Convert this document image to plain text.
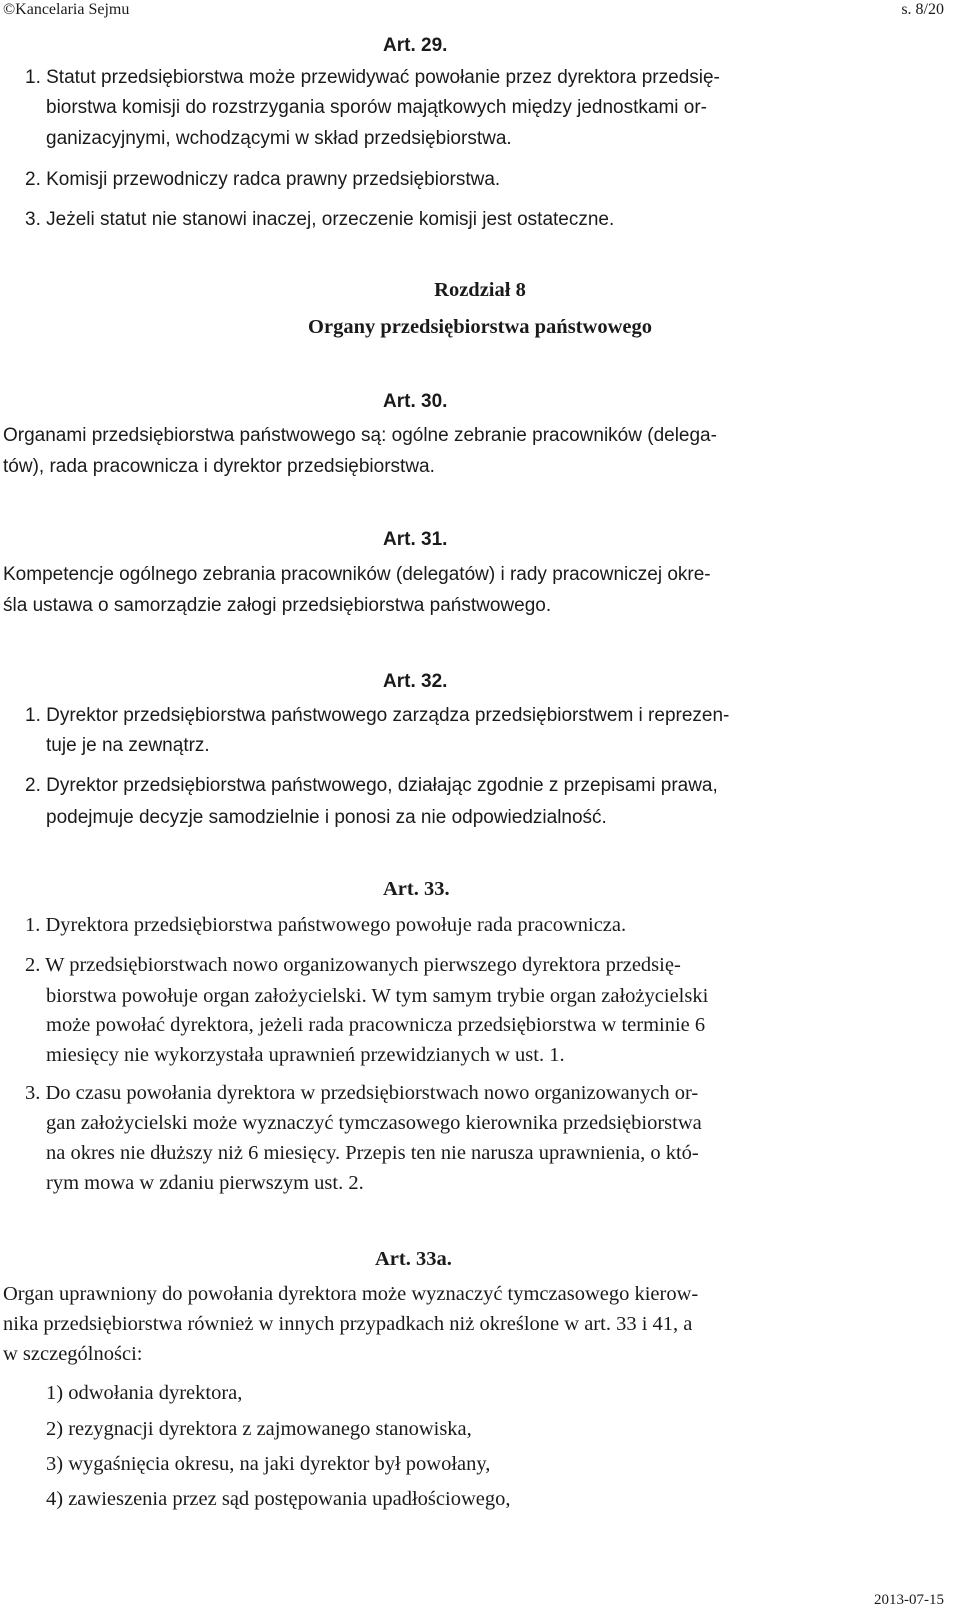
©Kancelaria Sejmu	s. 8/20
Art. 29.
1. Statut przedsiębiorstwa może przewidywać powołanie przez dyrektora przedsię-
biorstwa komisji do rozstrzygania sporów majątkowych między jednostkami or-
ganizacyjnymi, wchodzącymi w skład przedsiębiorstwa.
2. Komisji przewodniczy radca prawny przedsiębiorstwa.
3. Jeżeli statut nie stanowi inaczej, orzeczenie komisji jest ostateczne.
Rozdział 8
Organy przedsiębiorstwa państwowego
Art. 30.
Organami przedsiębiorstwa państwowego są: ogólne zebranie pracowników (delega-
tów), rada pracownicza i dyrektor przedsiębiorstwa.
Art. 31.
Kompetencje ogólnego zebrania pracowników (delegatów) i rady pracowniczej okre-
śla ustawa o samorządzie załogi przedsiębiorstwa państwowego.
Art. 32.
1. Dyrektor przedsiębiorstwa państwowego zarządza przedsiębiorstwem i reprezen-
tuje je na zewnątrz.
2. Dyrektor przedsiębiorstwa państwowego, działając zgodnie z przepisami prawa,
podejmuje decyzje samodzielnie i ponosi za nie odpowiedzialność.
Art. 33.
1. Dyrektora przedsiębiorstwa państwowego powołuje rada pracownicza.
2. W przedsiębiorstwach nowo organizowanych pierwszego dyrektora przedsię-
biorstwa powołuje organ założycielski. W tym samym trybie organ założycielski
może powołać dyrektora, jeżeli rada pracownicza przedsiębiorstwa w terminie 6
miesięcy nie wykorzystała uprawnień przewidzianych w ust. 1.
3. Do czasu powołania dyrektora w przedsiębiorstwach nowo organizowanych or-
gan założycielski może wyznaczyć tymczasowego kierownika przedsiębiorstwa
na okres nie dłuższy niż 6 miesięcy. Przepis ten nie narusza uprawnienia, o któ-
rym mowa w zdaniu pierwszym ust. 2.
Art. 33a.
Organ uprawniony do powołania dyrektora może wyznaczyć tymczasowego kierow-
nika przedsiębiorstwa również w innych przypadkach niż określone w art. 33 i 41, a
w szczególności:
1) odwołania dyrektora,
2) rezygnacji dyrektora z zajmowanego stanowiska,
3) wygaśnięcia okresu, na jaki dyrektor był powołany,
4) zawieszenia przez sąd postępowania upadłościowego,
2013-07-15
